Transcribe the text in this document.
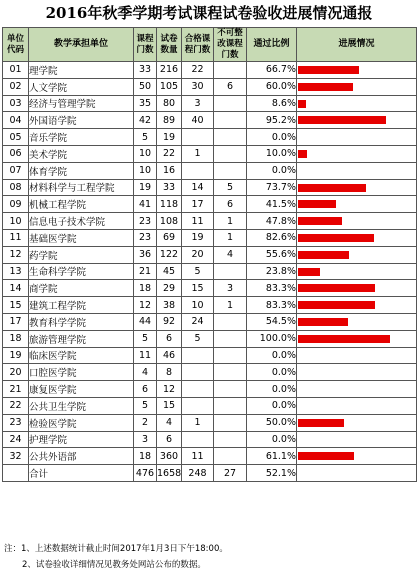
2016年秋季学期考试课程试卷验收进展情况通报
单位代码	教学承担单位	课程门数	试卷数量	合格课程门数	不可整改课程门数	通过比例	进展情况
01	理学院	33	216	22		66.7%	

02	人文学院	50	105	30	6	60.0%	

03	经济与管理学院	35	80	3		8.6%	

04	外国语学院	42	89	40		95.2%	

05	音乐学院	5	19			0.0%	
06	美术学院	10	22	1		10.0%	

07	体育学院	10	16			0.0%	
08	材料科学与工程学院	19	33	14	5	73.7%	

09	机械工程学院	41	118	17	6	41.5%	

10	信息电子技术学院	23	108	11	1	47.8%	

11	基础医学院	23	69	19	1	82.6%	

12	药学院	36	122	20	4	55.6%	

13	生命科学学院	21	45	5		23.8%	

14	商学院	18	29	15	3	83.3%	

15	建筑工程学院	12	38	10	1	83.3%	

17	教育科学学院	44	92	24		54.5%	

18	旅游管理学院	5	6	5		100.0%	

19	临床医学院	11	46			0.0%	
20	口腔医学院	4	8			0.0%	
21	康复医学院	6	12			0.0%	
22	公共卫生学院	5	15			0.0%	
23	检验医学院	2	4	1		50.0%	

24	护理学院	3	6			0.0%	
32	公共外语部	18	360	11		61.1%	

	合计	476	1658	248	27	52.1%	
注：1、上述数据统计截止时间2017年1月3日下午18:00。
2、试卷验收详细情况见教务处网站公布的数据。
